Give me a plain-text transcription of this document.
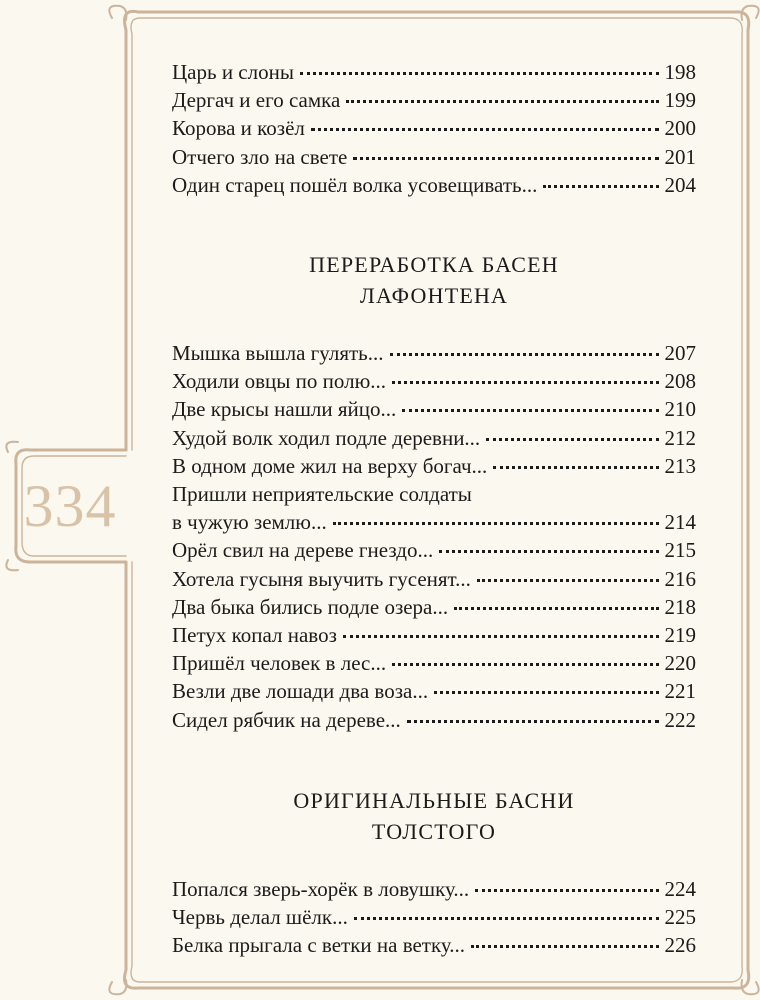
334
Царь и слоны	198
Дергач и его самка	199
Корова и козёл	200
Отчего зло на свете	201
Один старец пошёл волка усовещивать...	204

ПЕРЕРАБОТКА БАСЕН

ЛАФОНТЕНА

Мышка вышла гулять...	207
Ходили овцы по полю...	208
Две крысы нашли яйцо...	210
Худой волк ходил подле деревни...	212
В одном доме жил на верху богач...	213
Пришли неприятельские солдаты
в чужую землю...	214
Орёл свил на дереве гнездо...	215
Хотела гусыня выучить гусенят...	216
Два быка бились подле озера...	218
Петух копал навоз	219
Пришёл человек в лес...	220
Везли две лошади два воза...	221
Сидел рябчик на дереве...	222

ОРИГИНАЛЬНЫЕ БАСНИ

ТОЛСТОГО

Попался зверь-хорёк в ловушку...	224
Червь делал шёлк...	225
Белка прыгала с ветки на ветку...	226
